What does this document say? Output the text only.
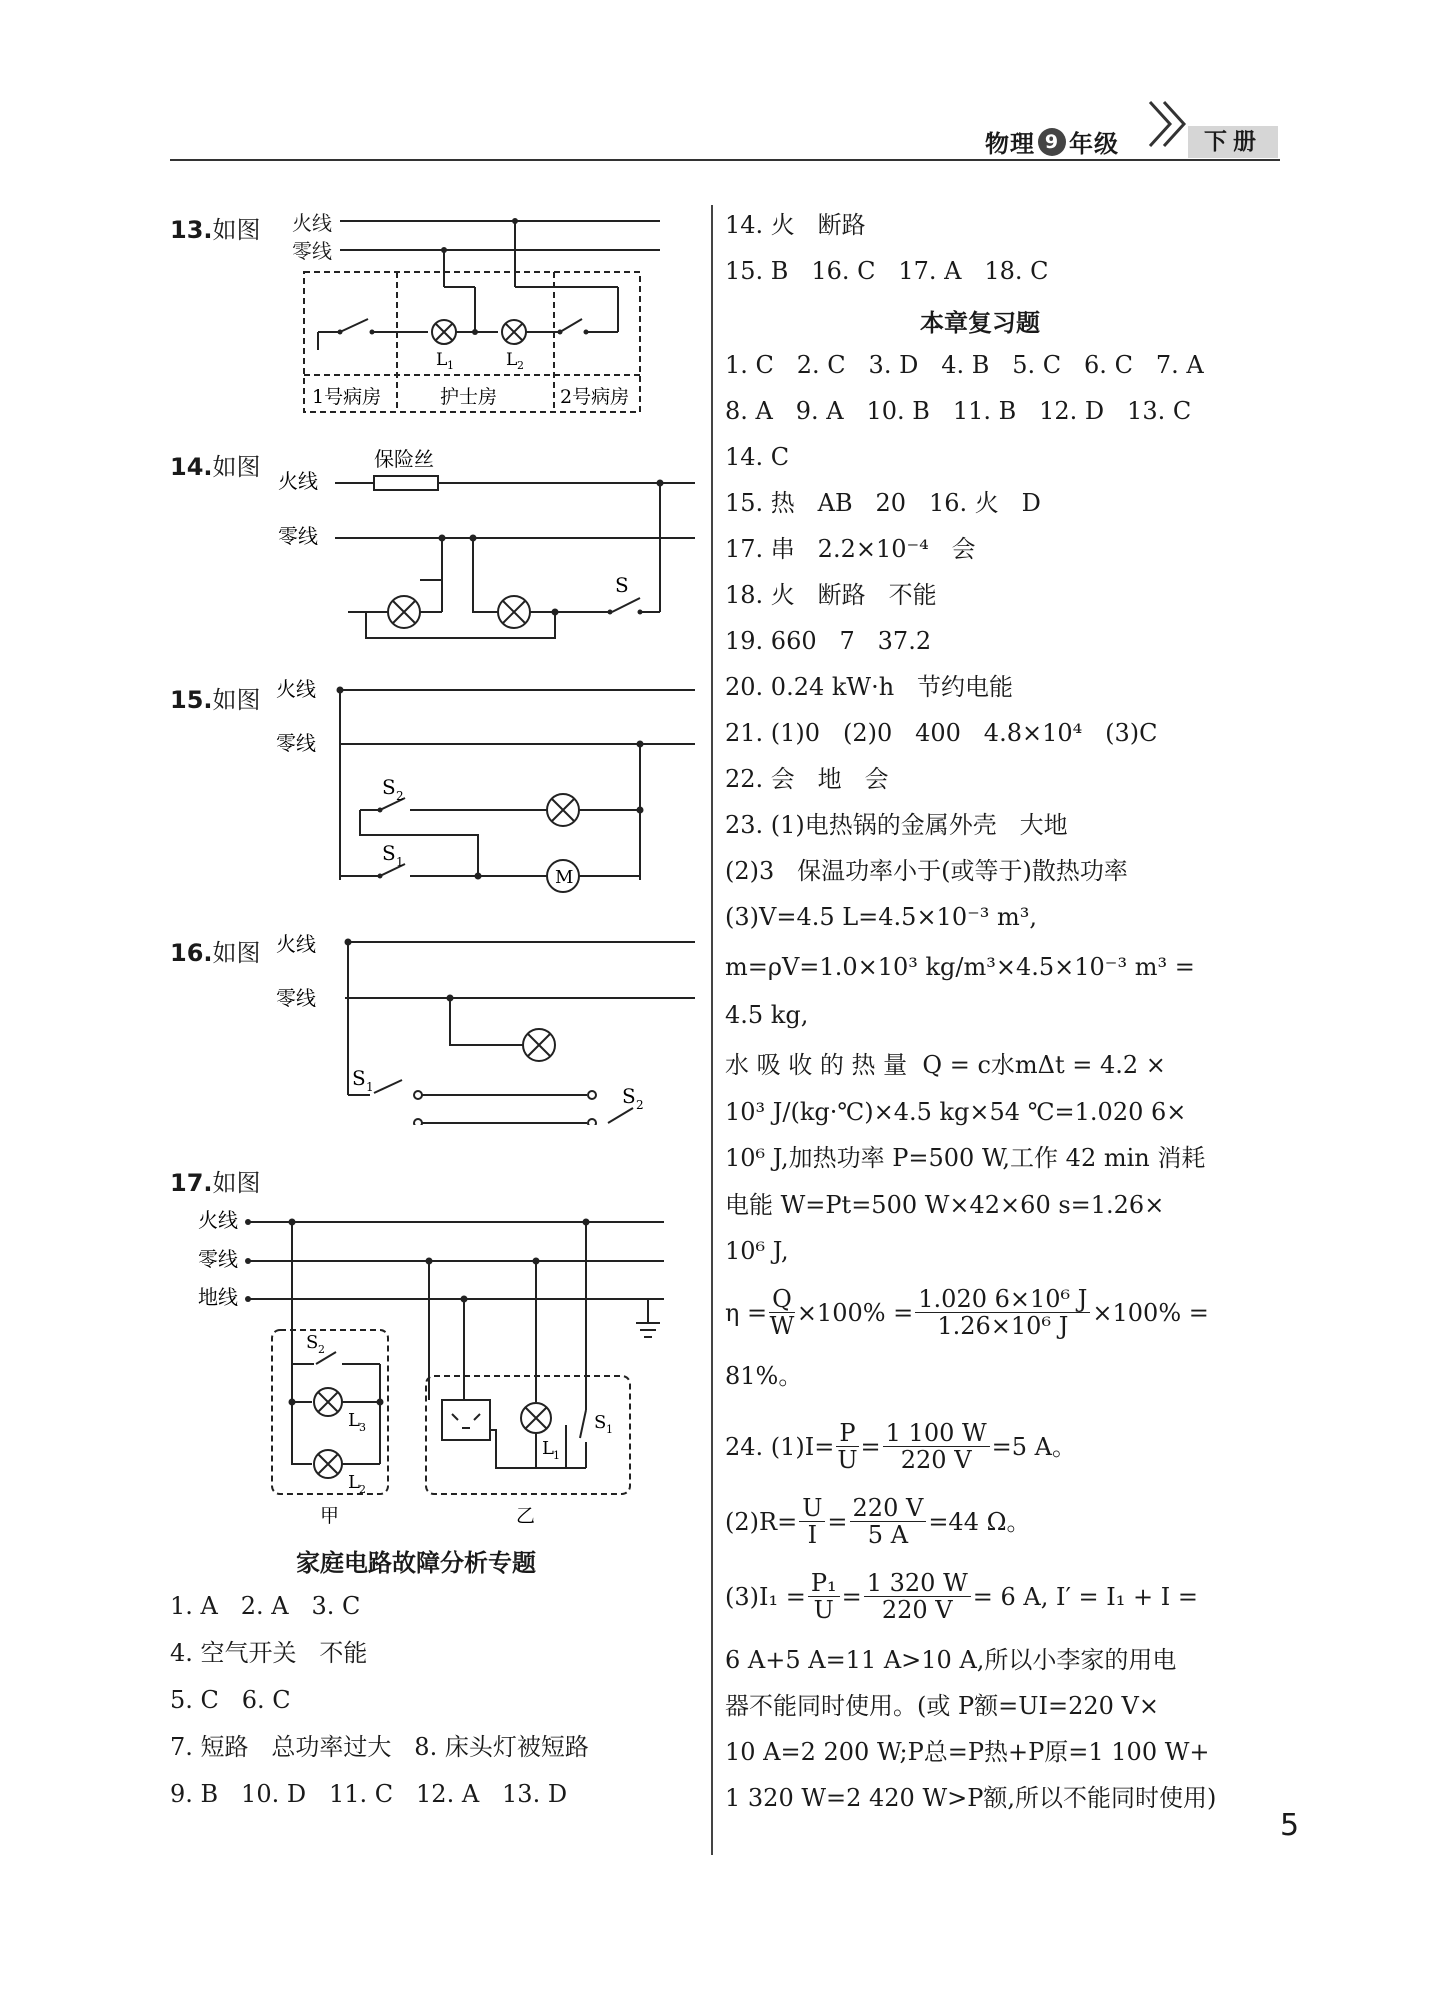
物理 9 年级	下册
13.如图 火线
零线
L 1	L 2
1号病房	护士房	2号病房
14.如图	保险丝
火线
零线
S
15.如图 火线
零线
S 2
S 1
M
16.如图 火线
零线
S 1	S 2
17.如图
火线
零线
地线
S 2
L 3
L 2
L 1
S 1
甲	乙
家庭电路故障分析专题
1. A   2. A   3. C
4. 空气开关   不能
5. C   6. C
7. 短路   总功率过大   8. 床头灯被短路
9. B   10. D   11. C   12. A   13. D
14. 火   断路
15. B   16. C   17. A   18. C
本章复习题
1. C   2. C   3. D   4. B   5. C   6. C   7. A
8. A   9. A   10. B   11. B   12. D   13. C
14. C
15. 热   AB   20   16. 火   D
17. 串   2.2×10⁻⁴   会
18. 火   断路   不能
19. 660   7   37.2
20. 0.24 kW·h   节约电能
21. (1)0   (2)0   400   4.8×10⁴   (3)C
22. 会   地   会
23. (1)电热锅的金属外壳   大地
(2)3   保温功率小于(或等于)散热功率
(3)V=4.5 L=4.5×10⁻³ m³,
m=ρV=1.0×10³ kg/m³×4.5×10⁻³ m³ =
4.5 kg,
水 吸 收 的 热 量  Q = c水mΔt = 4.2 ×
10³ J/(kg·℃)×4.5 kg×54 ℃=1.020 6×
10⁶ J,加热功率 P=500 W,工作 42 min 消耗
电能 W=Pt=500 W×42×60 s=1.26×
10⁶ J,
$\eta = \frac{Q}{W} \times 100\% = \frac{\text{1.020 6×10⁶ J}}{\text{1.26×10⁶ J}} \times 100\%$ =
81%。
24. $(1)I= \frac{P}{U} = \frac{1 100 W}{220 V} =5$ A。
$(2)R= \frac{U}{I} = \frac{220 V}{5 A} =44$ Ω。
$(3)I_1 = \frac{\text{P₁}}{U} = \frac{1 320 W}{220 V} = 6$ A, I′ = I₁ + I =
6 A+5 A=11 A>10 A,所以小李家的用电
器不能同时使用。(或 P额=UI=220 V×
10 A=2 200 W;P总=P热+P原=1 100 W+
1 320 W=2 420 W>P额,所以不能同时使用)
5
